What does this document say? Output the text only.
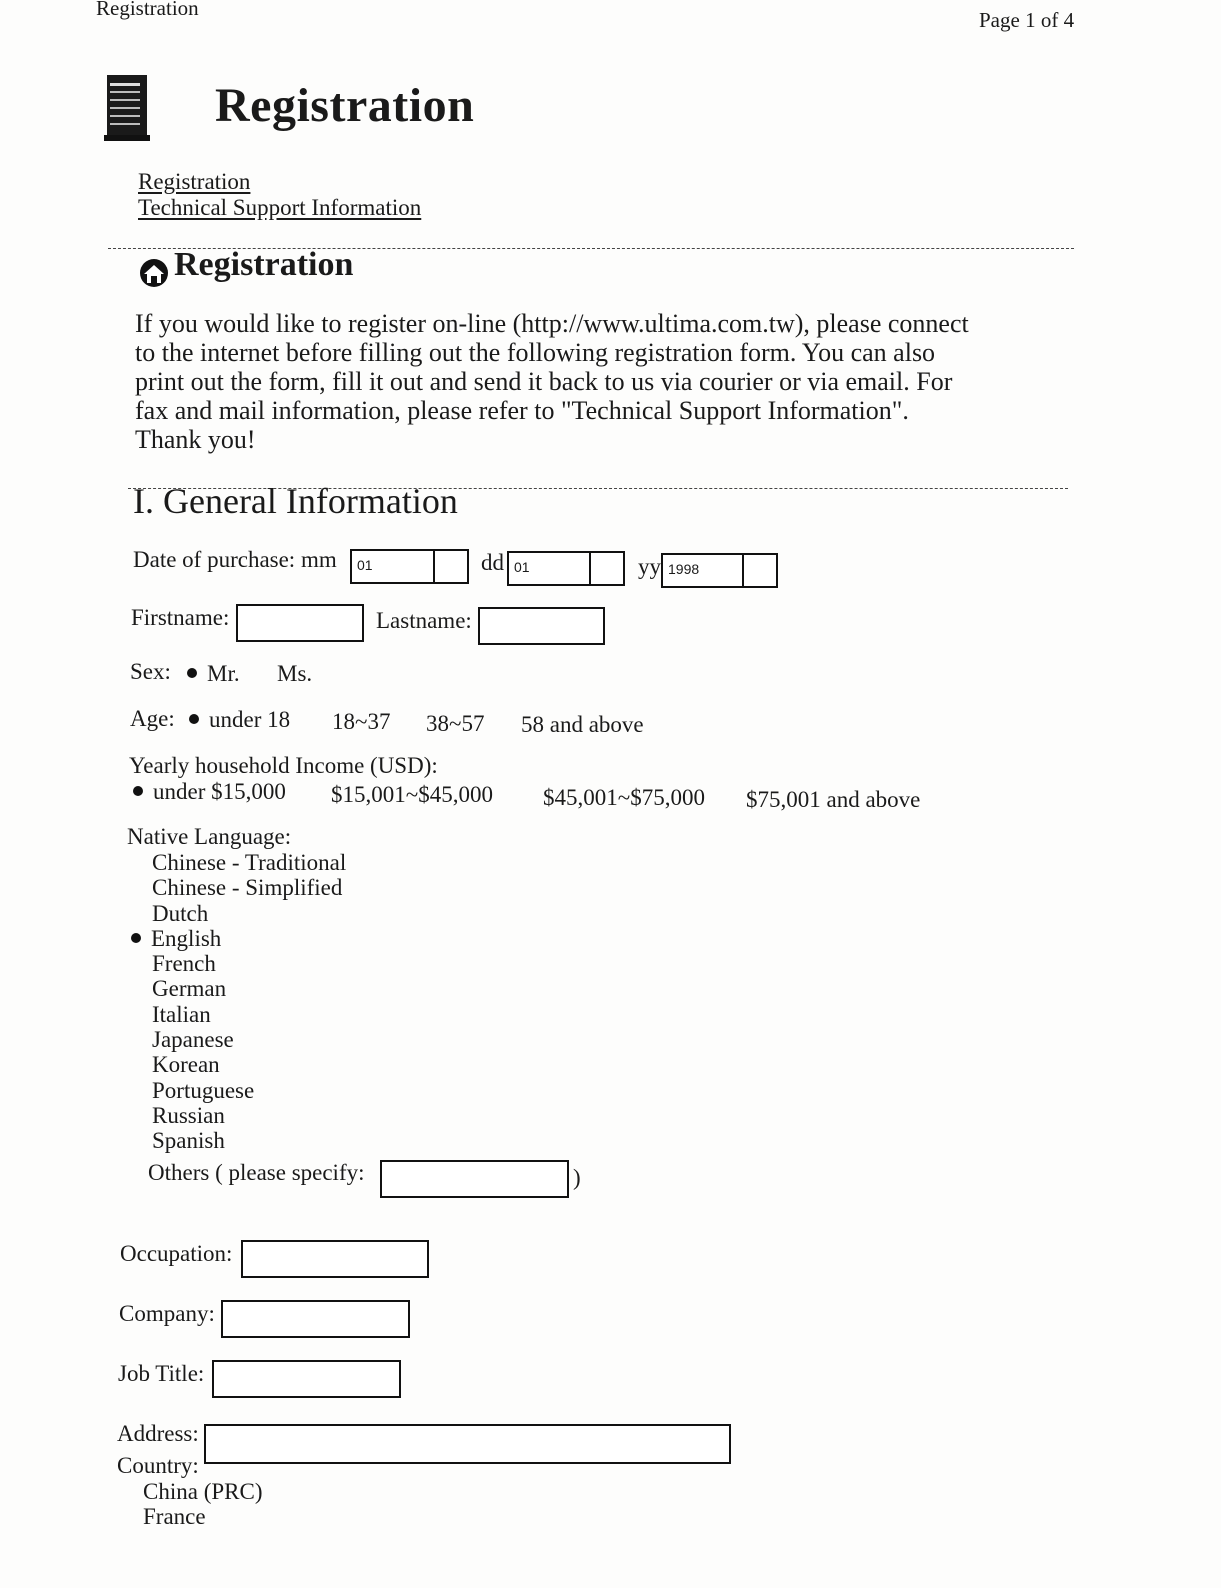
Registration	Page 1 of 4
Registration
Registration
Technical Support Information
Registration
If you would like to register on-line (http://www.ultima.com.tw), please connect
to the internet before filling out the following registration form. You can also
print out the form, fill it out and send it back to us via courier or via email. For
fax and mail information, please refer to "Technical Support Information".
Thank you!
I. General Information
Date of purchase: mm	01	dd 01	yy 1998
Firstname:	Lastname:
Sex:	Mr. Ms.
Age:	under 18 18~37 38~57 58 and above
Yearly household Income (USD):
under $15,000 $15,001~$45,000 $45,001~$75,000 $75,001 and above
Native Language:
Chinese - Traditional
Chinese - Simplified
Dutch
English
French
German
Italian
Japanese
Korean
Portuguese
Russian
Spanish
Others ( please specify:	)
Occupation:
Company:
Job Title:
Address:
Country:
China (PRC)
France
